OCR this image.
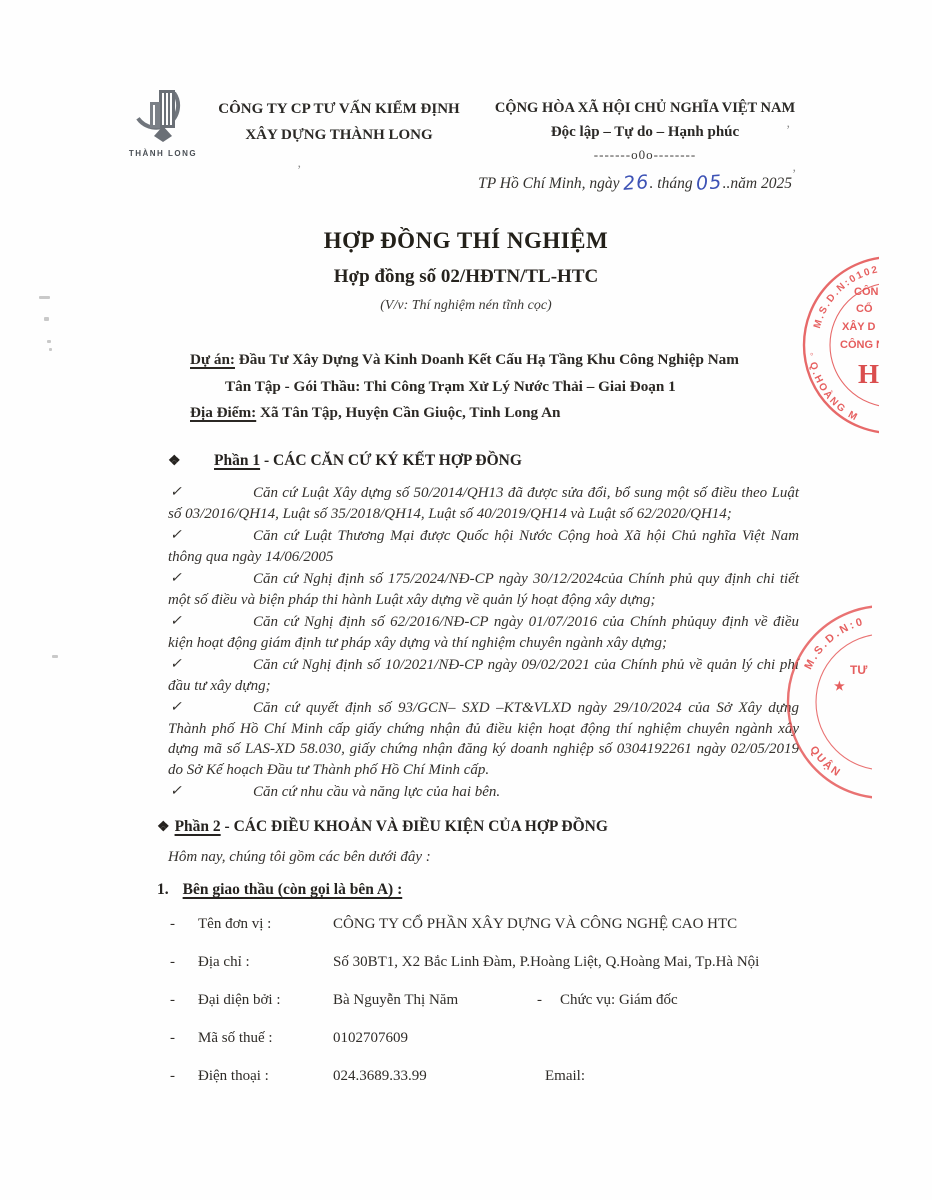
THÀNH LONG
CÔNG TY CP TƯ VẤN KIỂM ĐỊNH
XÂY DỰNG THÀNH LONG
CỘNG HÒA XÃ HỘI CHỦ NGHĨA VIỆT NAM
Độc lập – Tự do – Hạnh phúc
-------o0o--------
TP Hồ Chí Minh, ngày 26. tháng 05..năm 2025
HỢP ĐỒNG THÍ NGHIỆM
Hợp đồng số 02/HĐTN/TL-HTC
(V/v: Thí nghiệm nén tĩnh cọc)
Dự án: Đầu Tư Xây Dựng Và Kinh Doanh Kết Cấu Hạ Tầng Khu Công Nghiệp Nam
Tân Tập - Gói Thầu: Thi Công Trạm Xử Lý Nước Thải – Giai Đoạn 1
Địa Điểm: Xã Tân Tập, Huyện Cần Giuộc, Tỉnh Long An
❖ Phần 1 - CÁC CĂN CỨ KÝ KẾT HỢP ĐỒNG
✓	Căn cứ Luật Xây dựng số 50/2014/QH13 đã được sửa đổi, bổ sung một số điều theo Luật số 03/2016/QH14, Luật số 35/2018/QH14, Luật số 40/2019/QH14 và Luật số 62/2020/QH14;
✓	Căn cứ Luật Thương Mại được Quốc hội Nước Cộng hoà Xã hội Chủ nghĩa Việt Nam thông qua ngày 14/06/2005
✓	Căn cứ Nghị định số 175/2024/NĐ-CP ngày 30/12/2024của Chính phủ quy định chi tiết một số điều và biện pháp thi hành Luật xây dựng về quản lý hoạt động xây dựng;
✓	Căn cứ Nghị định số 62/2016/NĐ-CP ngày 01/07/2016 của Chính phủquy định về điều kiện hoạt động giám định tư pháp xây dựng và thí nghiệm chuyên ngành xây dựng;
✓	Căn cứ Nghị định số 10/2021/NĐ-CP ngày 09/02/2021 của Chính phủ về quản lý chi phí đầu tư xây dựng;
✓	Căn cứ quyết định số 93/GCN– SXD –KT&VLXD ngày 29/10/2024 của Sở Xây dựng Thành phố Hồ Chí Minh cấp giấy chứng nhận đủ điều kiện hoạt động thí nghiệm chuyên ngành xây dựng mã số LAS-XD 58.030, giấy chứng nhận đăng ký doanh nghiệp số 0304192261 ngày 02/05/2019 do Sở Kế hoạch Đầu tư Thành phố Hồ Chí Minh cấp.
✓	Căn cứ nhu cầu và năng lực của hai bên.
❖ Phần 2 - CÁC ĐIỀU KHOẢN VÀ ĐIỀU KIỆN CỦA HỢP ĐỒNG
Hôm nay, chúng tôi gồm các bên dưới đây :
1. Bên giao thầu (còn gọi là bên A) :
- Tên đơn vị :	CÔNG TY CỔ PHẦN XÂY DỰNG VÀ CÔNG NGHỆ CAO HTC
- Địa chỉ :	Số 30BT1, X2 Bắc Linh Đàm, P.Hoàng Liệt, Q.Hoàng Mai, Tp.Hà Nội
- Đại diện bởi :	Bà Nguyễn Thị Năm	- Chức vụ: Giám đốc
- Mã số thuế :	0102707609
- Điện thoại :	024.3689.33.99	Email:
M.S.D.N:01027
◦ Q.HOÀNG M
CÔN
CỔ
XÂY D
CÔNG N
H
M.S.D.N:0
QUẬN
★
TƯ
’
’
’
